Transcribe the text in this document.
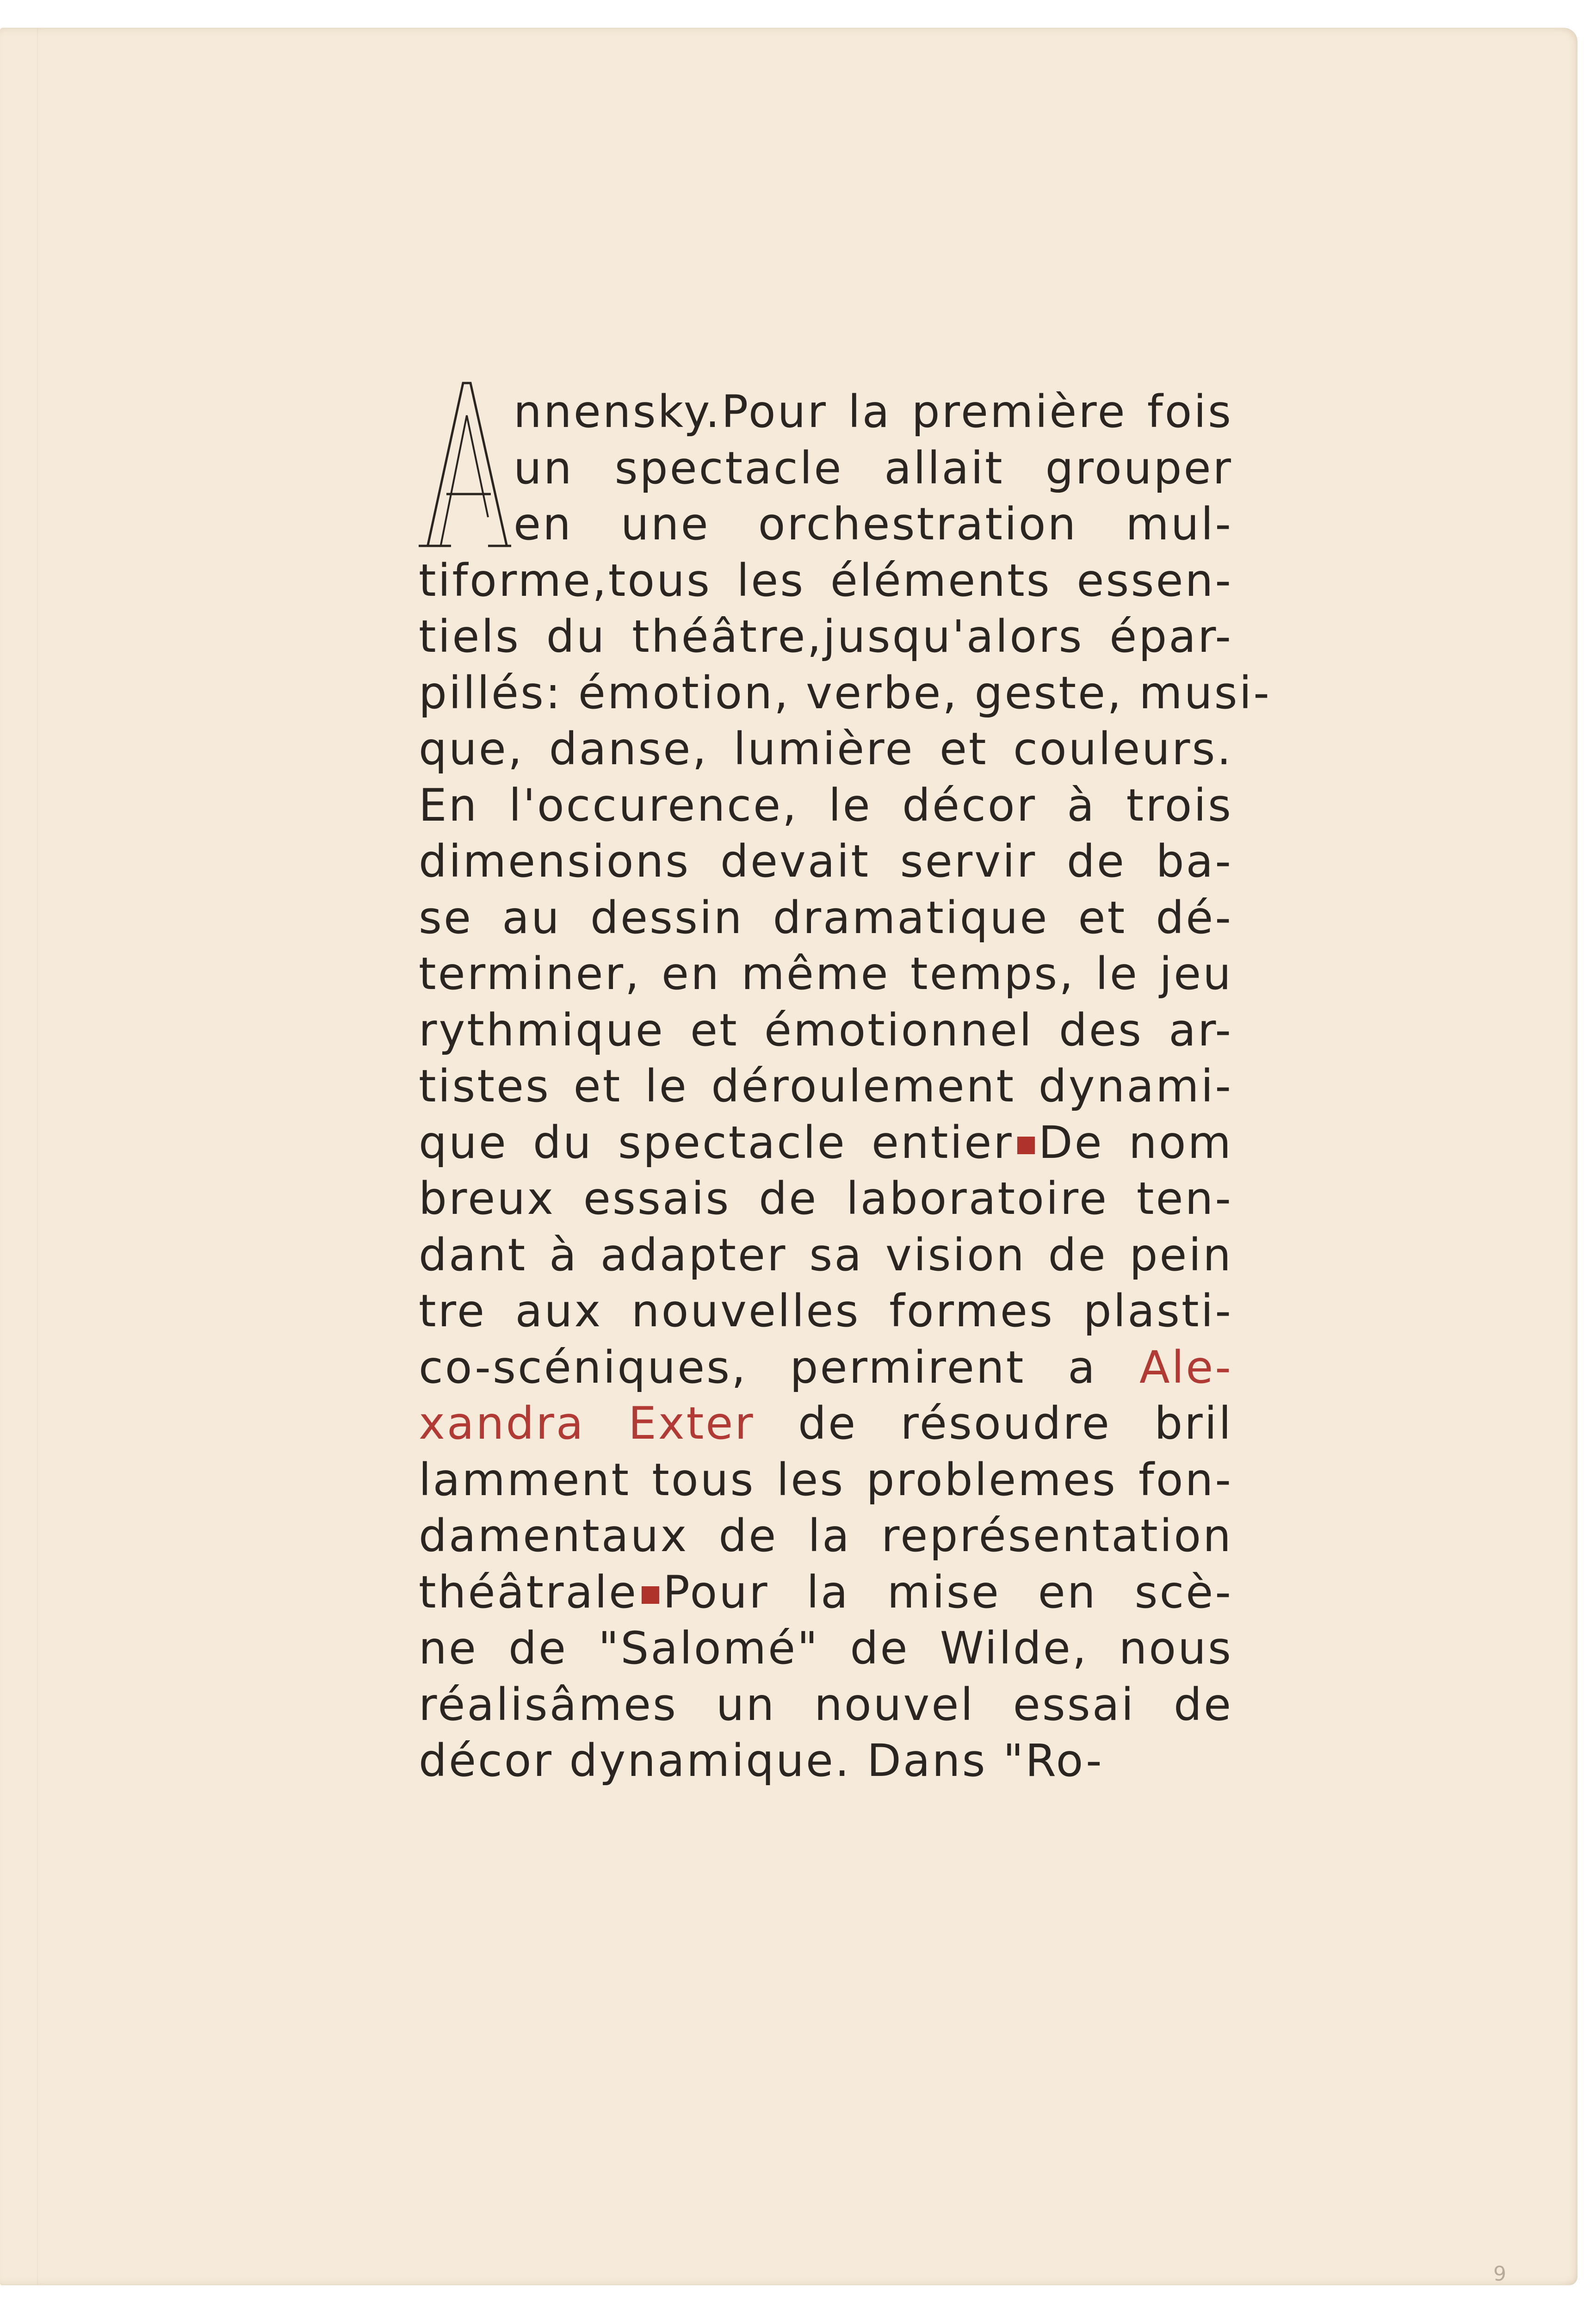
nnensky.Pour la première fois
un spectacle allait grouper
en une orchestration mul-
tiforme,tous les éléments essen-
tiels du théâtre,jusqu'alors épar-
pillés: émotion, verbe, geste, musi-
que, danse, lumière et couleurs.
En l'occurence, le décor à trois
dimensions devait servir de ba-
se au dessin dramatique et dé-
terminer, en même temps, le jeu
rythmique et émotionnel des ar-
tistes et le déroulement dynami-
que du spectacle entier De nom
breux essais de laboratoire ten-
dant à adapter sa vision de pein
tre aux nouvelles formes plasti-
co-scéniques, permirent a Ale-
xandra Exter de résoudre bril
lamment tous les problemes fon-
damentaux de la représentation
théâtrale Pour la mise en scè-
ne de "Salomé" de Wilde, nous
réalisâmes un nouvel essai de
décor dynamique. Dans "Ro-
9
